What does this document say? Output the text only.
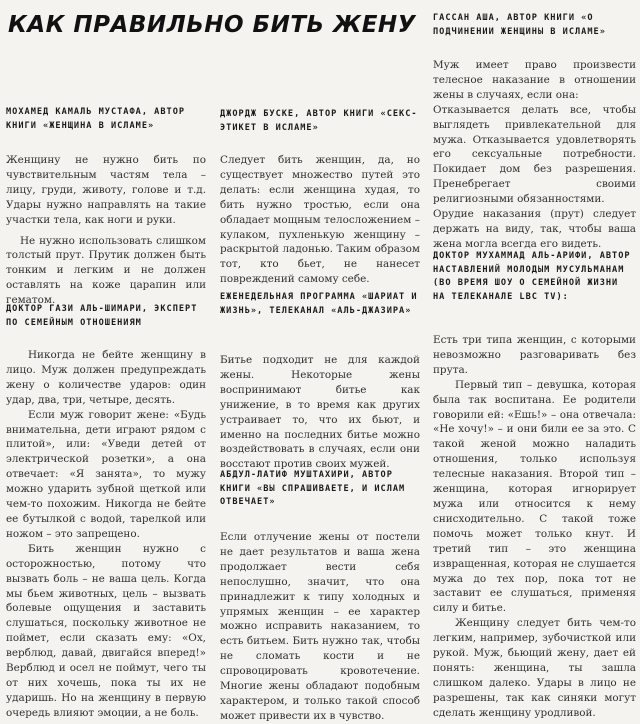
КАК ПРАВИЛЬНО БИТЬ ЖЕНУ

МОХАМЕД КАМАЛЬ МУСТАФА, АВТОР КНИГИ «ЖЕНЩИНА В ИСЛАМЕ»

Женщину не нужно бить по чувствительным частям тела – лицу, груди, животу, голове и т.д. Удары нужно направлять на такие участки тела, как ноги и руки.

Не нужно использовать слишком толстый прут. Прутик должен быть тонким и легким и не должен оставлять на коже царапин или гематом.

ДОКТОР ГАЗИ АЛЬ-ШИМАРИ, ЭКСПЕРТ ПО СЕМЕЙНЫМ ОТНОШЕНИЯМ

Никогда не бейте женщину в лицо. Муж должен предупреждать жену о количестве ударов: один удар, два, три, четыре, десять.

Если муж говорит жене: «Будь внимательна, дети играют рядом с плитой», или: «Уведи детей от электрической розетки», а она отвечает: «Я занята», то мужу можно ударить зубной щеткой или чем-то похожим. Никогда не бейте ее бутылкой с водой, тарелкой или ножом – это запрещено.

Бить женщин нужно с осторожностью, потому что вызвать боль – не ваша цель. Когда мы бьем животных, цель – вызвать болевые ощущения и заставить слушаться, поскольку животное не поймет, если сказать ему: «Ох, верблюд, давай, двигайся вперед!» Верблюд и осел не поймут, чего ты от них хочешь, пока ты их не ударишь. Но на женщину в первую очередь влияют эмоции, а не боль.

ДЖОРДЖ БУСКЕ, АВТОР КНИГИ «СЕКС-ЭТИКЕТ В ИСЛАМЕ»

Следует бить женщин, да, но существует множество путей это делать: если женщина худая, то бить нужно тростью, если она обладает мощным телосложением – кулаком, пухленькую женщину – раскрытой ладонью. Таким образом тот, кто бьет, не нанесет повреждений самому себе.

ЕЖЕНЕДЕЛЬНАЯ ПРОГРАММА «ШАРИАТ И ЖИЗНЬ», ТЕЛЕКАНАЛ «АЛЬ-ДЖАЗИРА»

Битье подходит не для каждой жены. Некоторые жены воспринимают битье как унижение, в то время как других устраивает то, что их бьют, и именно на последних битье можно воздействовать в случаях, если они восстают против своих мужей.

АБДУЛ-ЛАТИФ МУШТАХИРИ, АВТОР КНИГИ «ВЫ СПРАШИВАЕТЕ, И ИСЛАМ ОТВЕЧАЕТ»

Если отлучение жены от постели не дает результатов и ваша жена продолжает вести себя непослушно, значит, что она принадлежит к типу холодных и упрямых женщин – ее характер можно исправить наказанием, то есть битьем. Бить нужно так, чтобы не сломать кости и не спровоцировать кровотечение. Многие жены обладают подобным характером, и только такой способ может привести их в чувство.

ГАССАН АША, АВТОР КНИГИ «О ПОДЧИНЕНИИ ЖЕНЩИНЫ В ИСЛАМЕ»

Муж имеет право произвести телесное наказание в отношении жены в случаях, если она:

Отказывается делать все, чтобы выглядеть привлекательной для мужа. Отказывается удовлетворять его сексуальные потребности. Покидает дом без разрешения. Пренебрегает своими религиозными обязанностями.

Орудие наказания (прут) следует держать на виду, так, чтобы ваша жена могла всегда его видеть.

ДОКТОР МУХАММАД АЛЬ-АРИФИ, АВТОР НАСТАВЛЕНИЙ МОЛОДЫМ МУСУЛЬМАНАМ (ВО ВРЕМЯ ШОУ О СЕМЕЙНОЙ ЖИЗНИ НА ТЕЛЕКАНАЛЕ LBC TV):

Есть три типа женщин, с которыми невозможно разговаривать без прута.

Первый тип – девушка, которая была так воспитана. Ее родители говорили ей: «Ешь!» – она отвечала: «Не хочу!» – и они били ее за это. С такой женой можно наладить отношения, только используя телесные наказания. Второй тип – женщина, которая игнорирует мужа или относится к нему снисходительно. С такой тоже помочь может только кнут. И третий тип – это женщина извращенная, которая не слушается мужа до тех пор, пока тот не заставит ее слушаться, применяя силу и битье.

Женщину следует бить чем-то легким, например, зубочисткой или рукой. Муж, бьющий жену, дает ей понять: женщина, ты зашла слишком далеко. Удары в лицо не разрешены, так как синяки могут сделать женщину уродливой.
